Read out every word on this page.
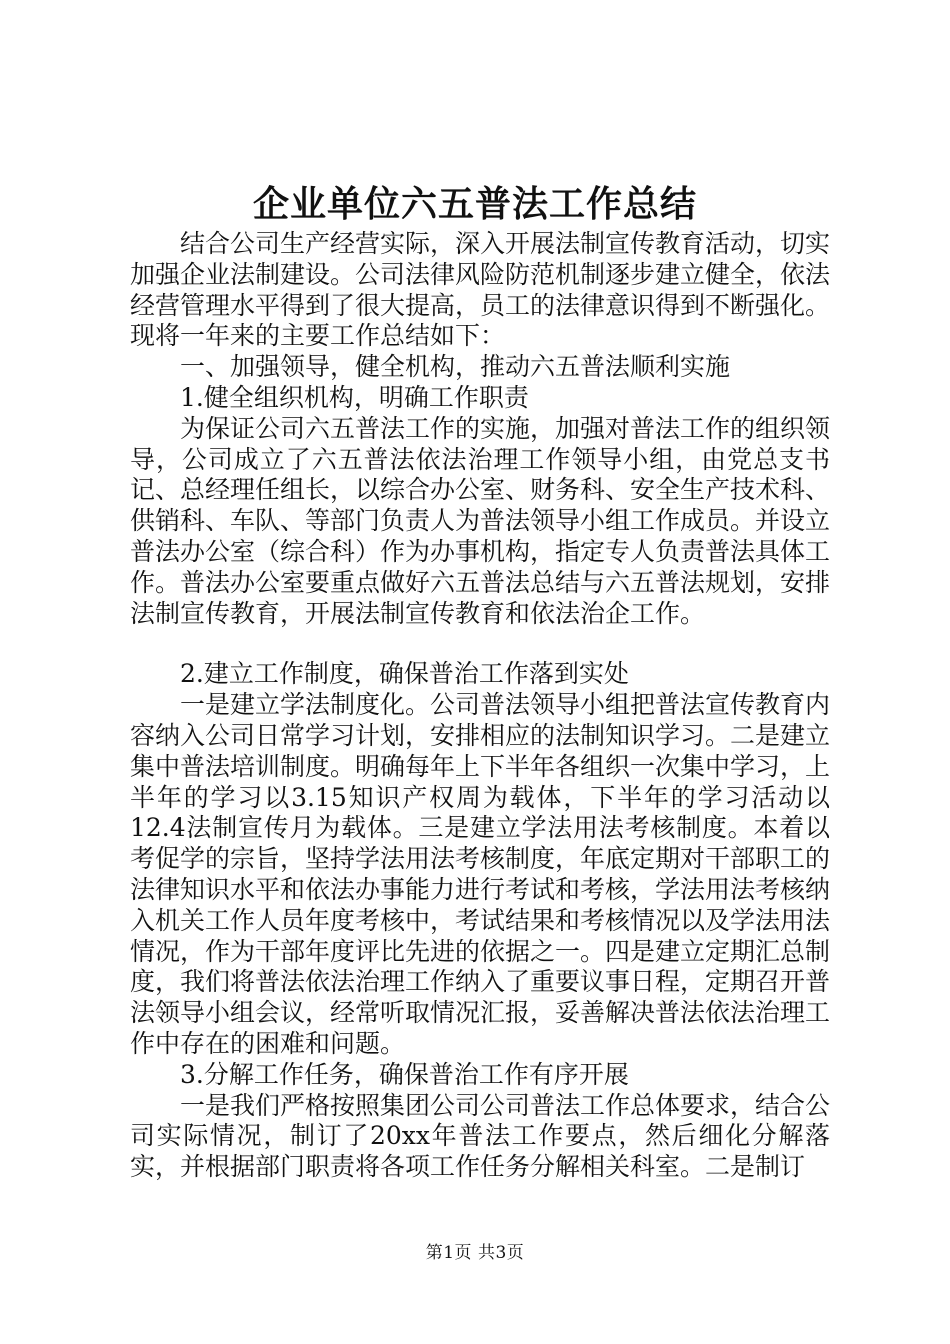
企业单位六五普法工作总结

结合公司生产经营实际，深入开展法制宣传教育活动，切实加强企业法制建设。公司法律风险防范机制逐步建立健全，依法经营管理水平得到了很大提高，员工的法律意识得到不断强化。现将一年来的主要工作总结如下：

一、加强领导，健全机构，推动六五普法顺利实施

1.健全组织机构，明确工作职责

为保证公司六五普法工作的实施，加强对普法工作的组织领导，公司成立了六五普法依法治理工作领导小组，由党总支书记、总经理任组长，以综合办公室、财务科、安全生产技术科、供销科、车队、等部门负责人为普法领导小组工作成员。并设立普法办公室（综合科）作为办事机构，指定专人负责普法具体工作。普法办公室要重点做好六五普法总结与六五普法规划，安排法制宣传教育，开展法制宣传教育和依法治企工作。

2.建立工作制度，确保普治工作落到实处

一是建立学法制度化。公司普法领导小组把普法宣传教育内容纳入公司日常学习计划，安排相应的法制知识学习。二是建立集中普法培训制度。明确每年上下半年各组织一次集中学习，上半年的学习以3.15知识产权周为载体，下半年的学习活动以12.4法制宣传月为载体。三是建立学法用法考核制度。本着以考促学的宗旨，坚持学法用法考核制度，年底定期对干部职工的法律知识水平和依法办事能力进行考试和考核，学法用法考核纳入机关工作人员年度考核中，考试结果和考核情况以及学法用法情况，作为干部年度评比先进的依据之一。四是建立定期汇总制度，我们将普法依法治理工作纳入了重要议事日程，定期召开普法领导小组会议，经常听取情况汇报，妥善解决普法依法治理工作中存在的困难和问题。

3.分解工作任务，确保普治工作有序开展

一是我们严格按照集团公司公司普法工作总体要求，结合公司实际情况，制订了20xx年普法工作要点，然后细化分解落实，并根据部门职责将各项工作任务分解相关科室。二是制订

第1页 共3页
